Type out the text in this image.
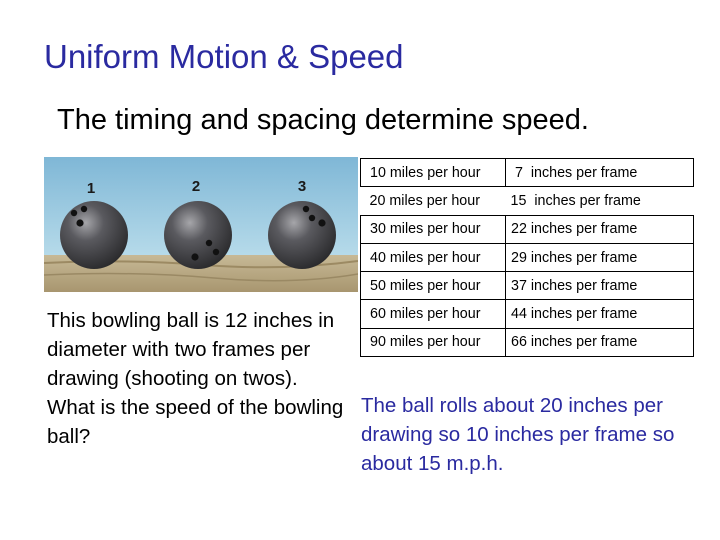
Uniform Motion & Speed
The timing and spacing determine speed.
1	2	3
This bowling ball is 12 inches in diameter with two frames per drawing (shooting on twos). What is the speed of the bowling ball?
10 miles per hour	7  inches per frame
20 miles per hour	15  inches per frame
30 miles per hour	22 inches per frame
40 miles per hour	29 inches per frame
50 miles per hour	37 inches per frame
60 miles per hour	44 inches per frame
90 miles per hour	66 inches per frame
The ball rolls about 20 inches per drawing so 10 inches per frame so about 15 m.p.h.
